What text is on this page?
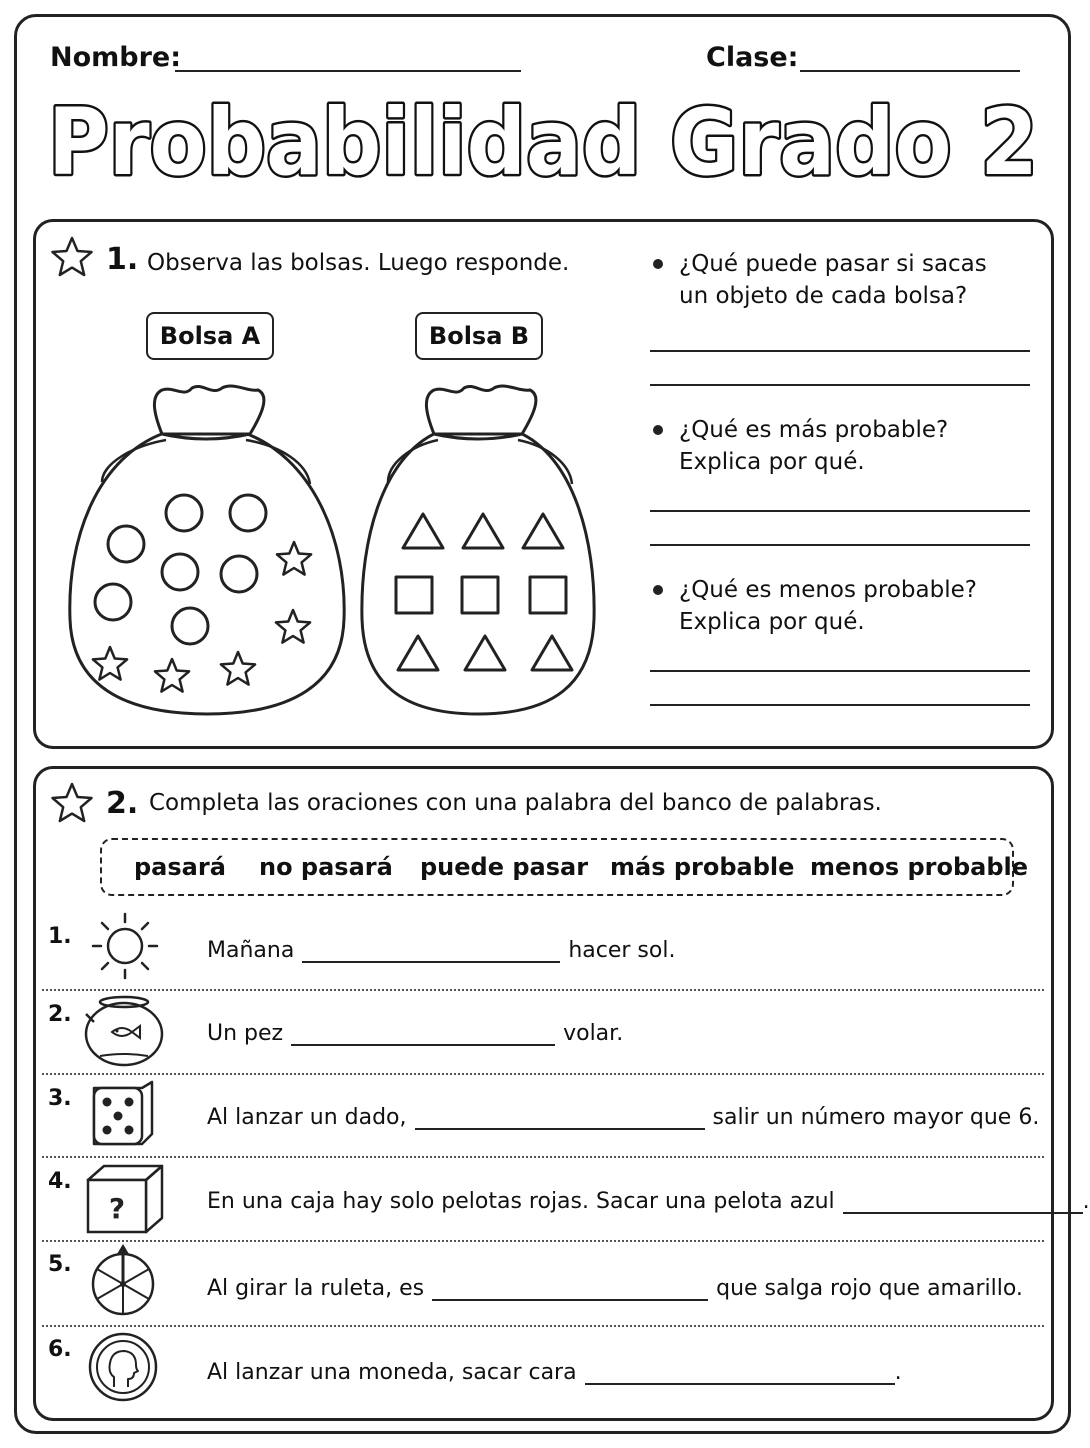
Nombre:	Clase:
Probabilidad Grado 2
1. Observa las bolsas. Luego responde.
Bolsa A	Bolsa B
¿Qué puede pasar si sacas
un objeto de cada bolsa?
¿Qué es más probable?
Explica por qué.
¿Qué es menos probable?
Explica por qué.
2. Completa las oraciones con una palabra del banco de palabras.
pasará no pasará puede pasar más probable menos probable
1.
Mañana	hacer sol.
2.
Un pez	volar.
3.
Al lanzar un dado,	salir un número mayor que 6.
4.
?	En una caja hay solo pelotas rojas. Sacar una pelota azul	.
5.
Al girar la ruleta, es	que salga rojo que amarillo.
6.
Al lanzar una moneda, sacar cara	.
